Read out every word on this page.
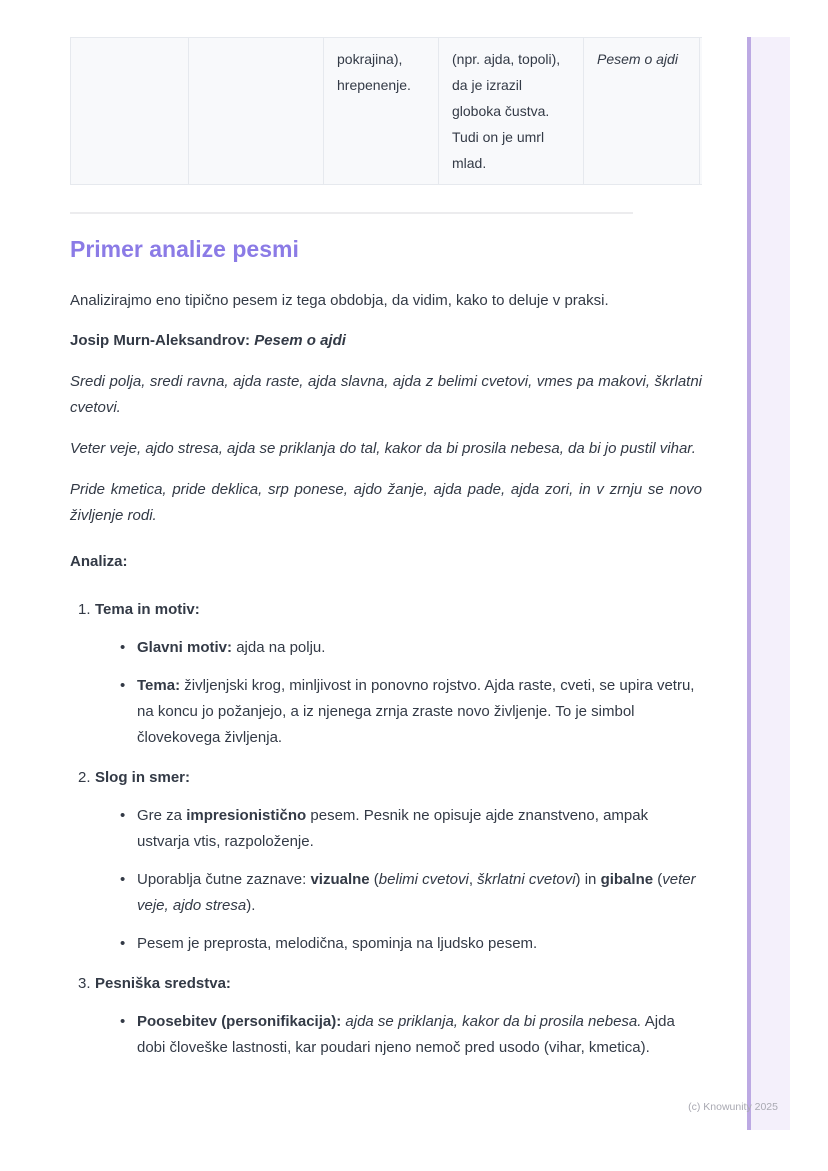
pokrajina), hrepenenje.
(npr. ajda, topoli), da je izrazil globoka čustva. Tudi on je umrl mlad.
Pesem o ajdi
Primer analize pesmi

Analizirajmo eno tipično pesem iz tega obdobja, da vidim, kako to deluje v praksi.

Josip Murn-Aleksandrov: Pesem o ajdi

Sredi polja, sredi ravna, ajda raste, ajda slavna, ajda z belimi cvetovi, vmes pa makovi, škrlatni cvetovi.

Veter veje, ajdo stresa, ajda se priklanja do tal, kakor da bi prosila nebesa, da bi jo pustil vihar.

Pride kmetica, pride deklica, srp ponese, ajdo žanje, ajda pade, ajda zori, in v zrnju se novo življenje rodi.

Analiza:

1. Tema in motiv:
• Glavni motiv: ajda na polju.
• Tema: življenjski krog, minljivost in ponovno rojstvo. Ajda raste, cveti, se upira vetru, na koncu jo požanjejo, a iz njenega zrnja zraste novo življenje. To je simbol človekovega življenja.
2. Slog in smer:
• Gre za impresionistično pesem. Pesnik ne opisuje ajde znanstveno, ampak ustvarja vtis, razpoloženje.
• Uporablja čutne zaznave: vizualne (belimi cvetovi, škrlatni cvetovi) in gibalne (veter veje, ajdo stresa).
• Pesem je preprosta, melodična, spominja na ljudsko pesem.
3. Pesniška sredstva:
• Poosebitev (personifikacija): ajda se priklanja, kakor da bi prosila nebesa. Ajda dobi človeške lastnosti, kar poudari njeno nemoč pred usodo (vihar, kmetica).
(c) Knowunity 2025
